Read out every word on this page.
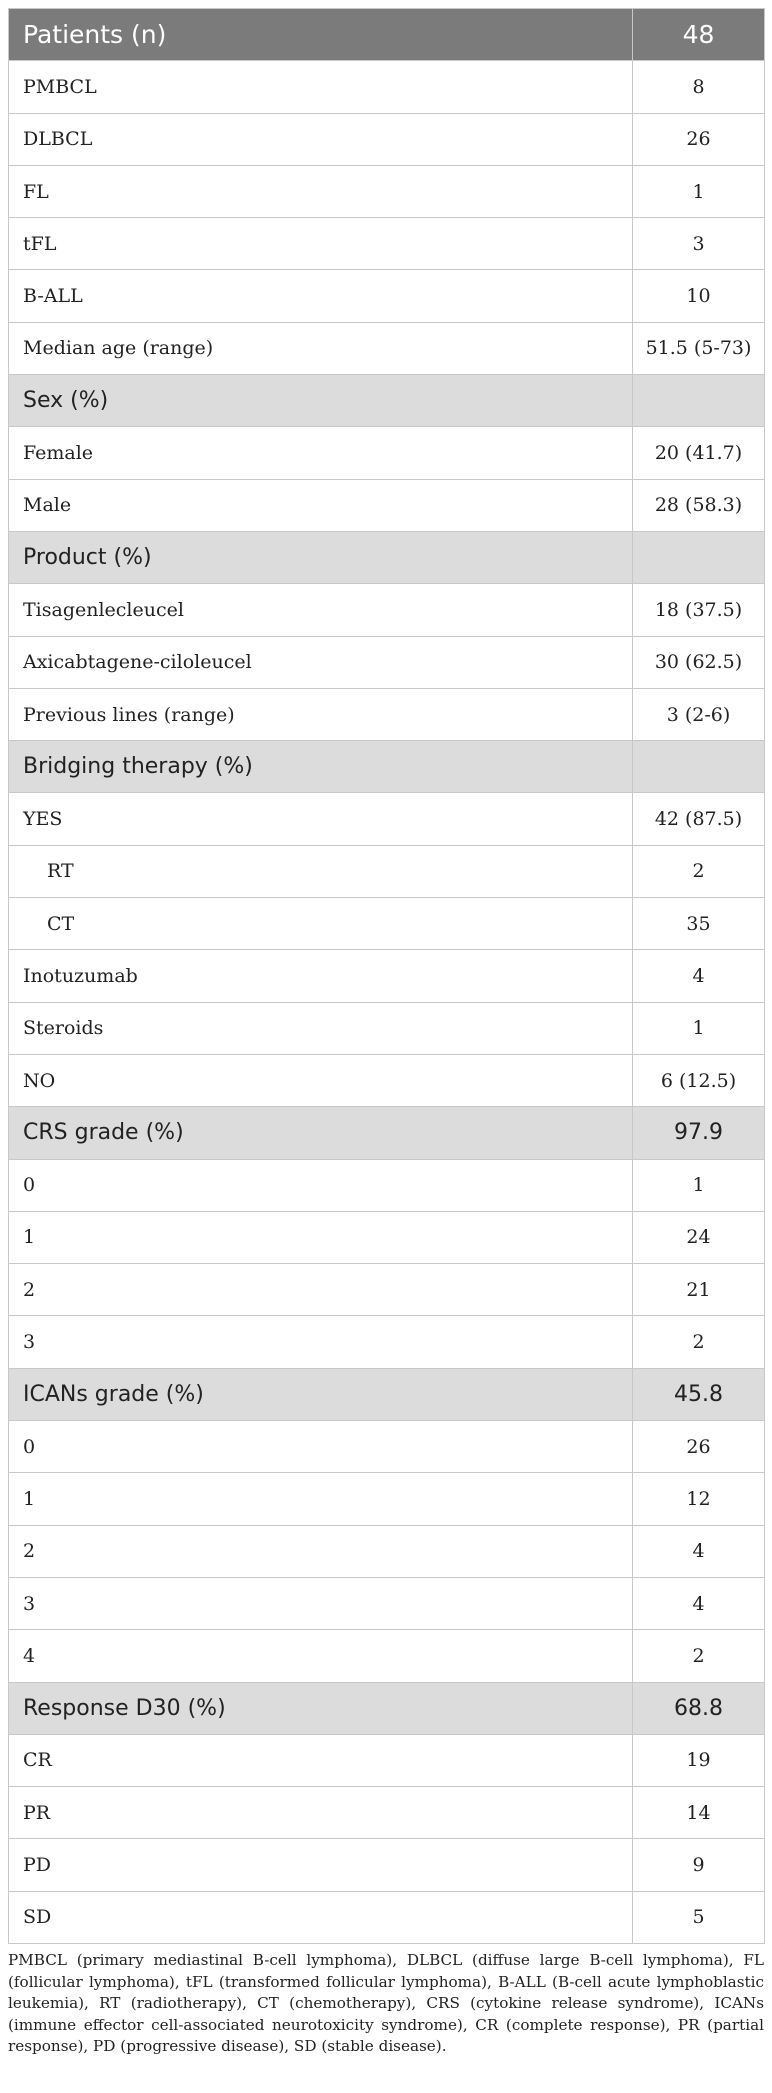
Patients (n)	48
PMBCL	8
DLBCL	26
FL	1
tFL	3
B-ALL	10
Median age (range)	51.5 (5-73)
Sex (%)	
Female	20 (41.7)
Male	28 (58.3)
Product (%)	
Tisagenlecleucel	18 (37.5)
Axicabtagene-ciloleucel	30 (62.5)
Previous lines (range)	3 (2-6)
Bridging therapy (%)	
YES	42 (87.5)
RT	2
CT	35
Inotuzumab	4
Steroids	1
NO	6 (12.5)
CRS grade (%)	97.9
0	1
1	24
2	21
3	2
ICANs grade (%)	45.8
0	26
1	12
2	4
3	4
4	2
Response D30 (%)	68.8
CR	19
PR	14
PD	9
SD	5
PMBCL (primary mediastinal B-cell lymphoma), DLBCL (diffuse large B-cell lymphoma), FL (follicular lymphoma), tFL (transformed follicular lymphoma), B-ALL (B-cell acute lymphoblastic leukemia), RT (radiotherapy), CT (chemotherapy), CRS (cytokine release syndrome), ICANs (immune effector cell-associated neurotoxicity syndrome), CR (complete response), PR (partial response), PD (progressive disease), SD (stable disease).
